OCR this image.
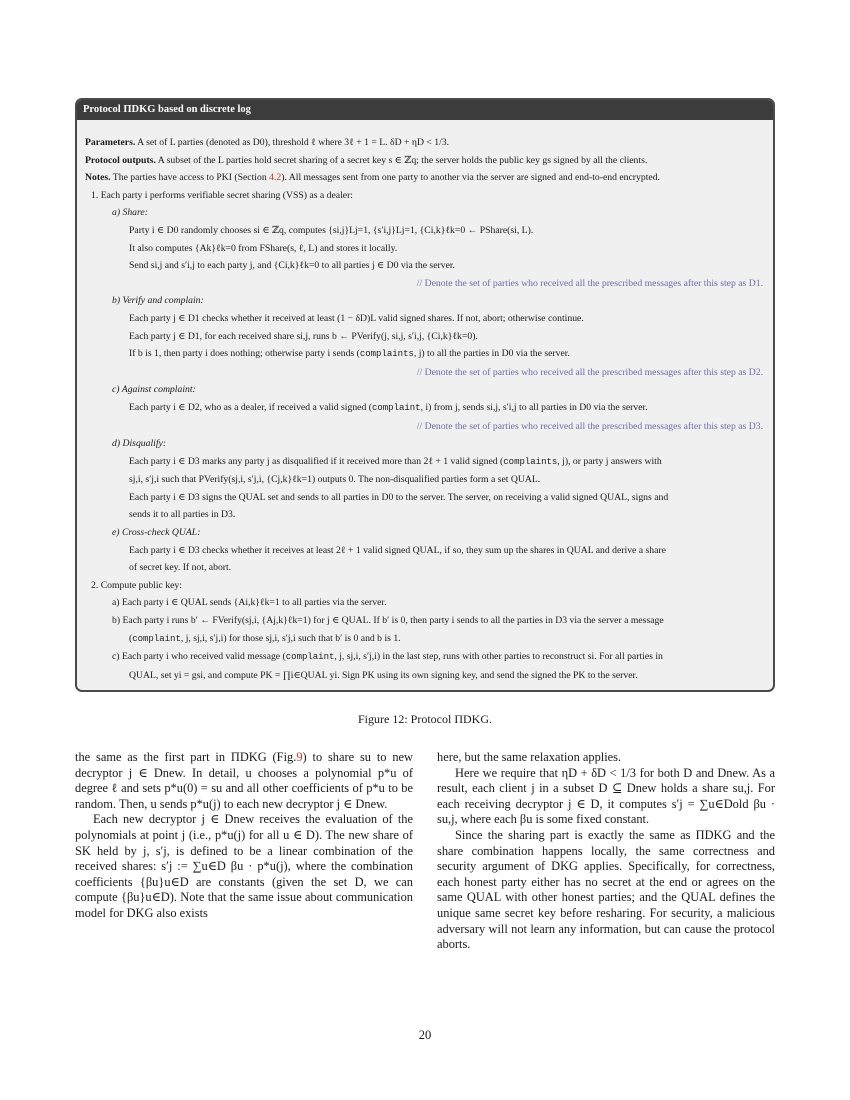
Protocol ΠDKG based on discrete log
Parameters. A set of L parties (denoted as D0), threshold ℓ where 3ℓ + 1 = L. δD + ηD < 1/3.
Protocol outputs. A subset of the L parties hold secret sharing of a secret key s ∈ ℤq; the server holds the public key gs signed by all the clients.
Notes. The parties have access to PKI (Section 4.2). All messages sent from one party to another via the server are signed and end-to-end encrypted.
1. Each party i performs verifiable secret sharing (VSS) as a dealer:
a) Share:
Party i ∈ D0 randomly chooses si ∈ ℤq, computes {si,j}Lj=1, {s′i,j}Lj=1, {Ci,k}ℓk=0 ← PShare(si, L).
It also computes {Ak}ℓk=0 from FShare(s, ℓ, L) and stores it locally.
Send si,j and s′i,j to each party j, and {Ci,k}ℓk=0 to all parties j ∈ D0 via the server.
// Denote the set of parties who received all the prescribed messages after this step as D1.
b) Verify and complain:
Each party j ∈ D1 checks whether it received at least (1 − δD)L valid signed shares. If not, abort; otherwise continue.
Each party j ∈ D1, for each received share si,j, runs b ← PVerify(j, si,j, s′i,j, {Ci,k}ℓk=0).
If b is 1, then party i does nothing; otherwise party i sends (complaints, j) to all the parties in D0 via the server.
// Denote the set of parties who received all the prescribed messages after this step as D2.
c) Against complaint:
Each party i ∈ D2, who as a dealer, if received a valid signed (complaint, i) from j, sends si,j, s′i,j to all parties in D0 via the server.
// Denote the set of parties who received all the prescribed messages after this step as D3.
d) Disqualify:
Each party i ∈ D3 marks any party j as disqualified if it received more than 2ℓ + 1 valid signed (complaints, j), or party j answers with
sj,i, s′j,i such that PVerify(sj,i, s′j,i, {Cj,k}ℓk=1) outputs 0. The non-disqualified parties form a set QUAL.
Each party i ∈ D3 signs the QUAL set and sends to all parties in D0 to the server. The server, on receiving a valid signed QUAL, signs and
sends it to all parties in D3.
e) Cross-check QUAL:
Each party i ∈ D3 checks whether it receives at least 2ℓ + 1 valid signed QUAL, if so, they sum up the shares in QUAL and derive a share
of secret key. If not, abort.
2. Compute public key:
a) Each party i ∈ QUAL sends {Ai,k}ℓk=1 to all parties via the server.
b) Each party i runs b′ ← FVerify(sj,i, {Aj,k}ℓk=1) for j ∈ QUAL. If b′ is 0, then party i sends to all the parties in D3 via the server a message
(complaint, j, sj,i, s′j,i) for those sj,i, s′j,i such that b′ is 0 and b is 1.
c) Each party i who received valid message (complaint, j, sj,i, s′j,i) in the last step, runs with other parties to reconstruct si. For all parties in
QUAL, set yi = gsi, and compute PK = ∏i∈QUAL yi. Sign PK using its own signing key, and send the signed the PK to the server.
Figure 12: Protocol ΠDKG.

the same as the first part in ΠDKG (Fig.9) to share su to new decryptor j ∈ Dnew. In detail, u chooses a polynomial p*u of degree ℓ and sets p*u(0) = su and all other coefficients of p*u to be random. Then, u sends p*u(j) to each new decryptor j ∈ Dnew.

Each new decryptor j ∈ Dnew receives the evaluation of the polynomials at point j (i.e., p*u(j) for all u ∈ D). The new share of SK held by j, s′j, is defined to be a linear combination of the received shares: s′j := ∑u∈D βu · p*u(j), where the combination coefficients {βu}u∈D are constants (given the set D, we can compute {βu}u∈D). Note that the same issue about communication model for DKG also exists

here, but the same relaxation applies.

Here we require that ηD + δD < 1/3 for both D and Dnew. As a result, each client j in a subset D ⊆ Dnew holds a share su,j. For each receiving decryptor j ∈ D, it computes s′j = ∑u∈Dold βu · su,j, where each βu is some fixed constant.

Since the sharing part is exactly the same as ΠDKG and the share combination happens locally, the same correctness and security argument of DKG applies. Specifically, for correctness, each honest party either has no secret at the end or agrees on the same QUAL with other honest parties; and the QUAL defines the unique same secret key before resharing. For security, a malicious adversary will not learn any information, but can cause the protocol aborts.

20
